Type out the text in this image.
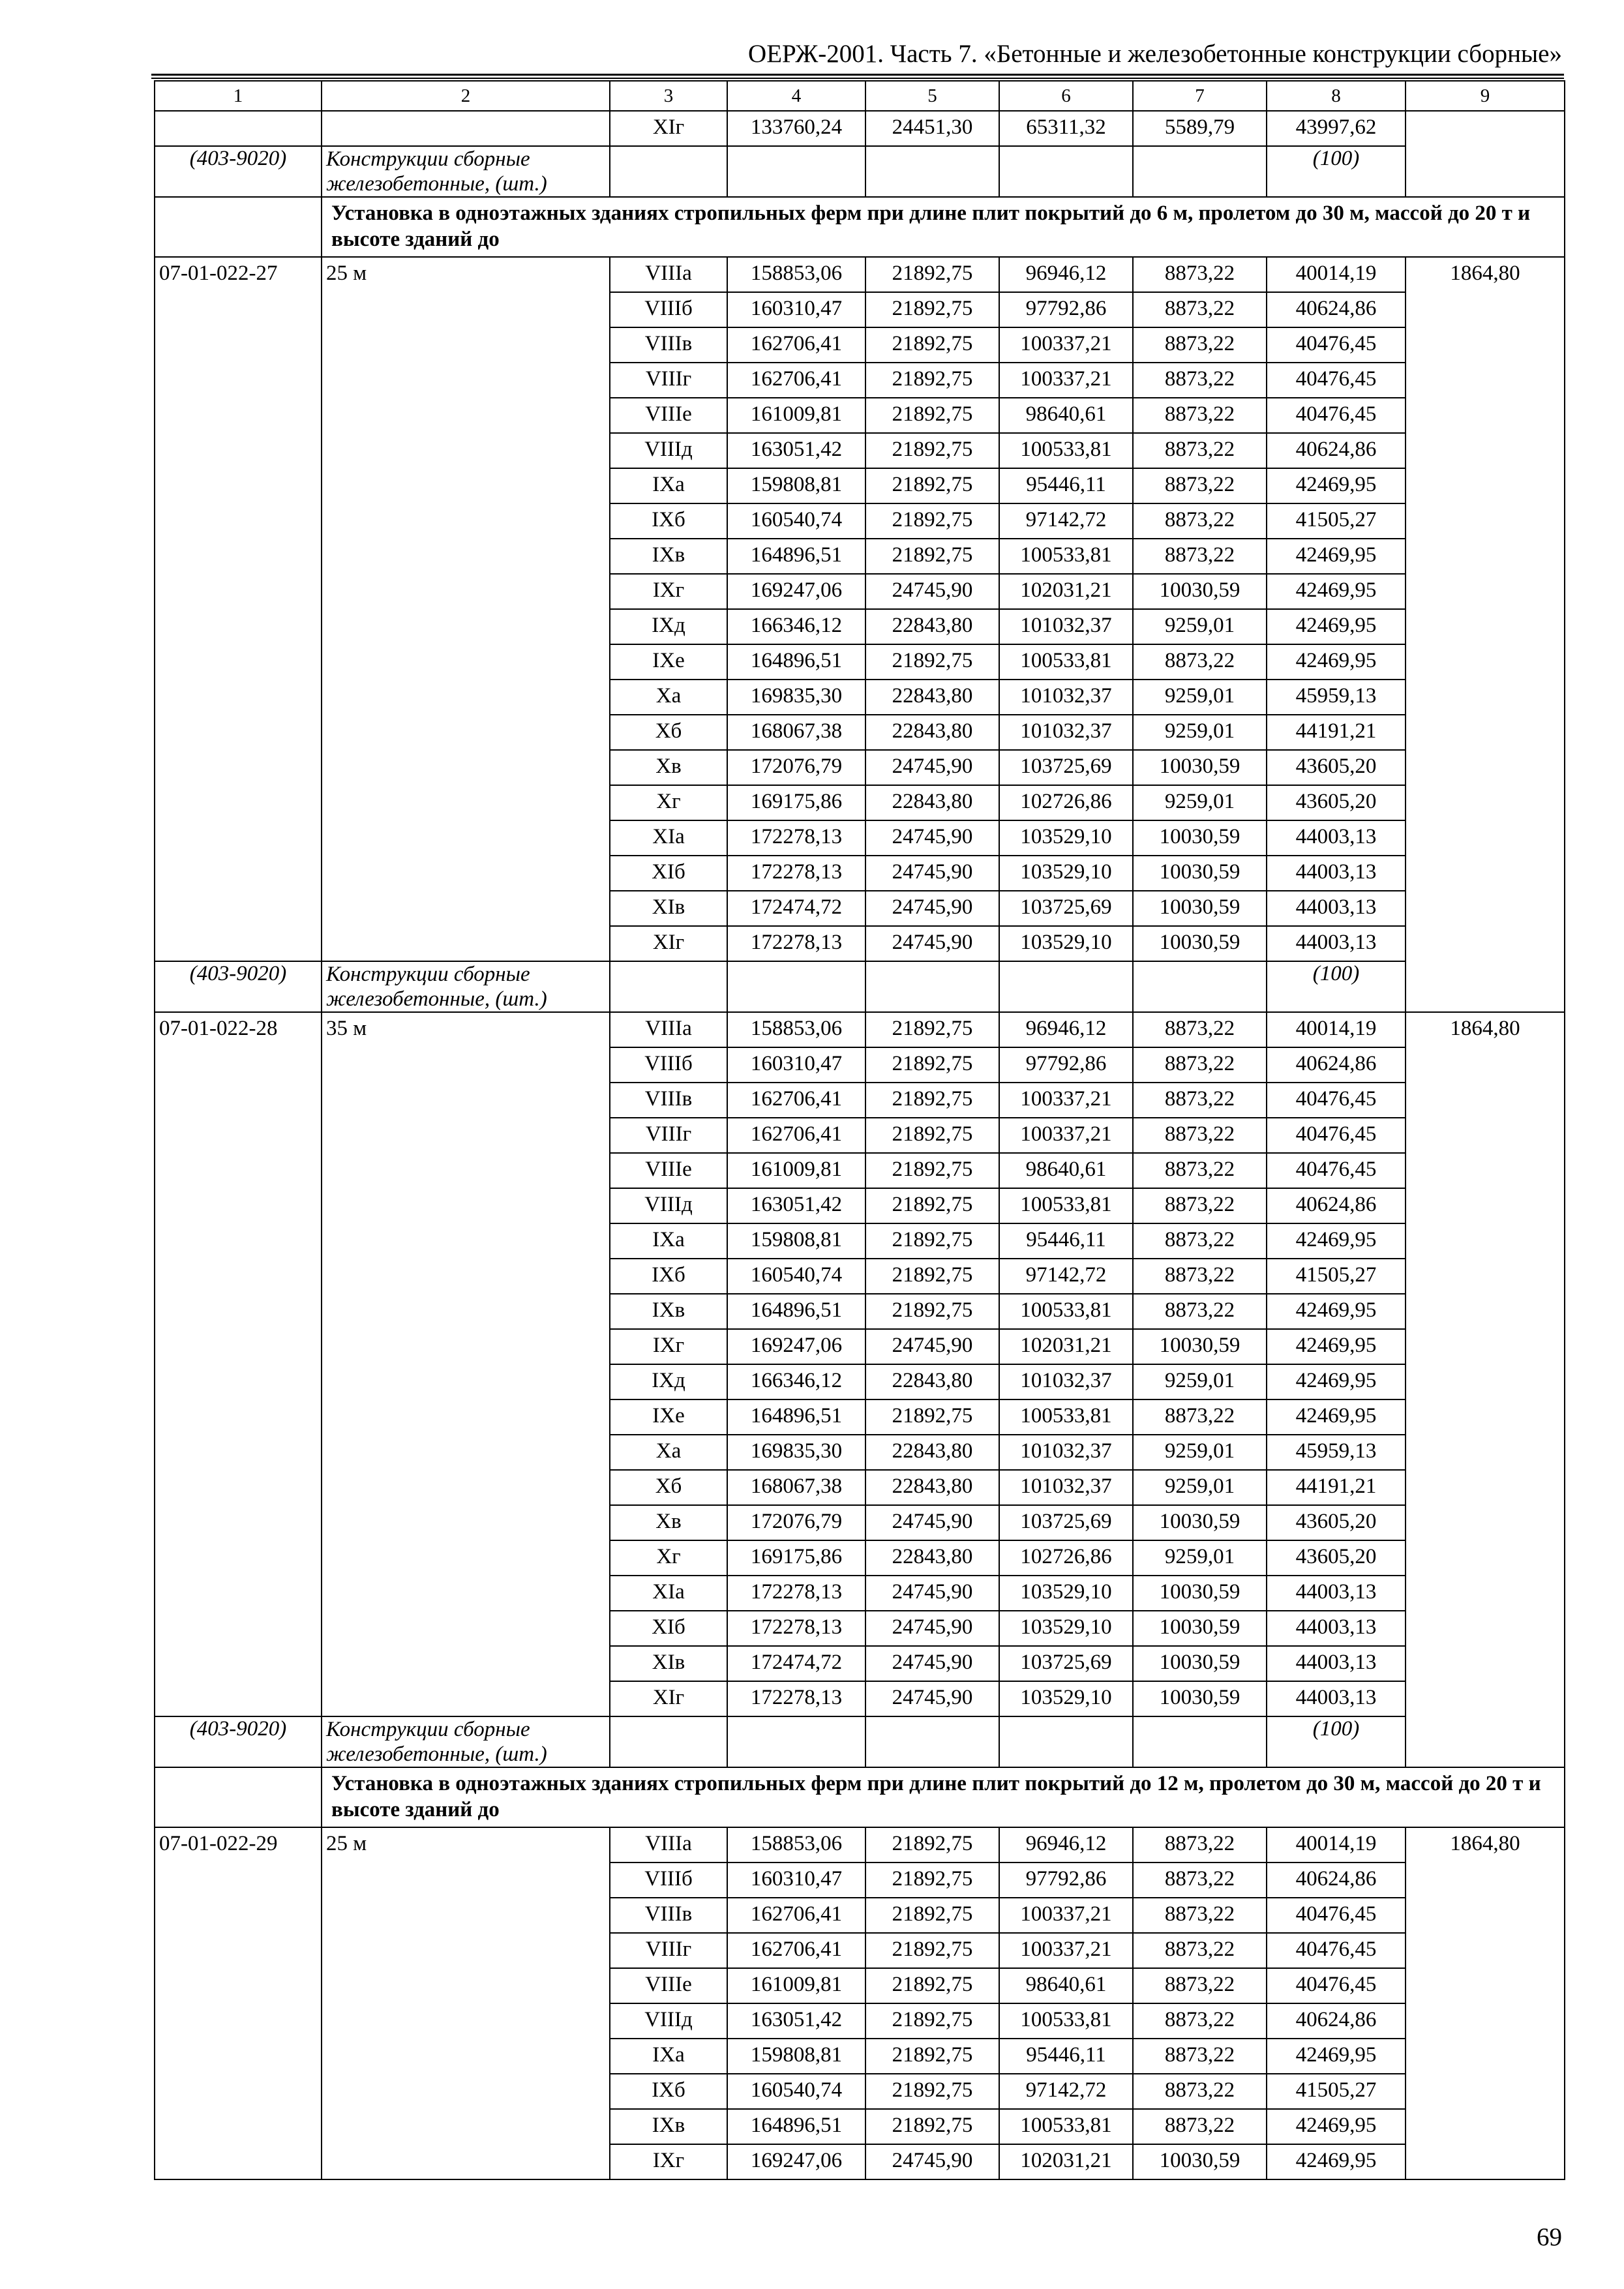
ОЕРЖ-2001. Часть 7. «Бетонные и железобетонные конструкции сборные»
1	2	3	4	5	6	7	8	9
		XIг	133760,24	24451,30	65311,32	5589,79	43997,62	
(403-9020)	Конструкции сборные железобетонные, (шт.)						(100)	
	Установка в одноэтажных зданиях стропильных ферм при длине плит покрытий до 6 м, пролетом до 30 м, массой до 20 т и высоте зданий до							
07-01-022-27	25 м	VIIIа	158853,06	21892,75	96946,12	8873,22	40014,19	1864,80
		VIIIб	160310,47	21892,75	97792,86	8873,22	40624,86	
		VIIIв	162706,41	21892,75	100337,21	8873,22	40476,45	
		VIIIг	162706,41	21892,75	100337,21	8873,22	40476,45	
		VIIIе	161009,81	21892,75	98640,61	8873,22	40476,45	
		VIIIд	163051,42	21892,75	100533,81	8873,22	40624,86	
		IXа	159808,81	21892,75	95446,11	8873,22	42469,95	
		IXб	160540,74	21892,75	97142,72	8873,22	41505,27	
		IXв	164896,51	21892,75	100533,81	8873,22	42469,95	
		IXг	169247,06	24745,90	102031,21	10030,59	42469,95	
		IXд	166346,12	22843,80	101032,37	9259,01	42469,95	
		IXе	164896,51	21892,75	100533,81	8873,22	42469,95	
		Xа	169835,30	22843,80	101032,37	9259,01	45959,13	
		Xб	168067,38	22843,80	101032,37	9259,01	44191,21	
		Xв	172076,79	24745,90	103725,69	10030,59	43605,20	
		Xг	169175,86	22843,80	102726,86	9259,01	43605,20	
		XIа	172278,13	24745,90	103529,10	10030,59	44003,13	
		XIб	172278,13	24745,90	103529,10	10030,59	44003,13	
		XIв	172474,72	24745,90	103725,69	10030,59	44003,13	
		XIг	172278,13	24745,90	103529,10	10030,59	44003,13	
(403-9020)	Конструкции сборные железобетонные, (шт.)						(100)	
07-01-022-28	35 м	VIIIа	158853,06	21892,75	96946,12	8873,22	40014,19	1864,80
		VIIIб	160310,47	21892,75	97792,86	8873,22	40624,86	
		VIIIв	162706,41	21892,75	100337,21	8873,22	40476,45	
		VIIIг	162706,41	21892,75	100337,21	8873,22	40476,45	
		VIIIе	161009,81	21892,75	98640,61	8873,22	40476,45	
		VIIIд	163051,42	21892,75	100533,81	8873,22	40624,86	
		IXа	159808,81	21892,75	95446,11	8873,22	42469,95	
		IXб	160540,74	21892,75	97142,72	8873,22	41505,27	
		IXв	164896,51	21892,75	100533,81	8873,22	42469,95	
		IXг	169247,06	24745,90	102031,21	10030,59	42469,95	
		IXд	166346,12	22843,80	101032,37	9259,01	42469,95	
		IXе	164896,51	21892,75	100533,81	8873,22	42469,95	
		Xа	169835,30	22843,80	101032,37	9259,01	45959,13	
		Xб	168067,38	22843,80	101032,37	9259,01	44191,21	
		Xв	172076,79	24745,90	103725,69	10030,59	43605,20	
		Xг	169175,86	22843,80	102726,86	9259,01	43605,20	
		XIа	172278,13	24745,90	103529,10	10030,59	44003,13	
		XIб	172278,13	24745,90	103529,10	10030,59	44003,13	
		XIв	172474,72	24745,90	103725,69	10030,59	44003,13	
		XIг	172278,13	24745,90	103529,10	10030,59	44003,13	
(403-9020)	Конструкции сборные железобетонные, (шт.)						(100)	
	Установка в одноэтажных зданиях стропильных ферм при длине плит покрытий до 12 м, пролетом до 30 м, массой до 20 т и высоте зданий до							
07-01-022-29	25 м	VIIIа	158853,06	21892,75	96946,12	8873,22	40014,19	1864,80
		VIIIб	160310,47	21892,75	97792,86	8873,22	40624,86	
		VIIIв	162706,41	21892,75	100337,21	8873,22	40476,45	
		VIIIг	162706,41	21892,75	100337,21	8873,22	40476,45	
		VIIIе	161009,81	21892,75	98640,61	8873,22	40476,45	
		VIIIд	163051,42	21892,75	100533,81	8873,22	40624,86	
		IXа	159808,81	21892,75	95446,11	8873,22	42469,95	
		IXб	160540,74	21892,75	97142,72	8873,22	41505,27	
		IXв	164896,51	21892,75	100533,81	8873,22	42469,95	
		IXг	169247,06	24745,90	102031,21	10030,59	42469,95	
69
